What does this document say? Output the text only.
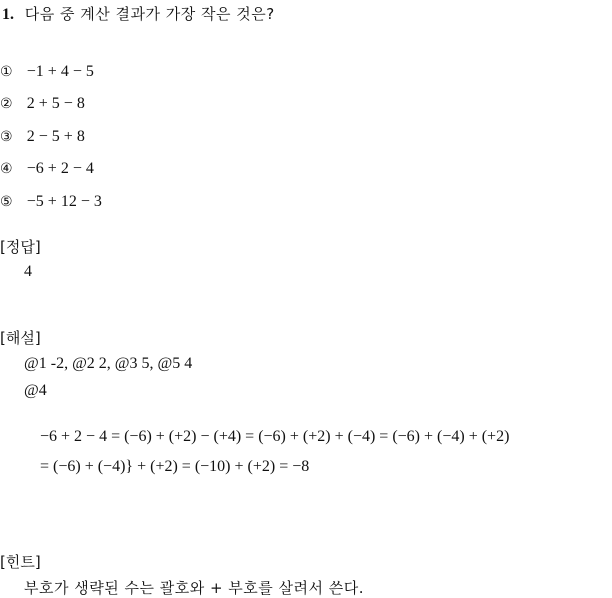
1. 다음 중 계산 결과가 가장 작은 것은?
① −1 + 4 − 5
② 2 + 5 − 8
③ 2 − 5 + 8
④ −6 + 2 − 4
⑤ −5 + 12 − 3
[정답]
4
[해설]
@1 -2, @2 2, @3 5, @5 4
@4
−6 + 2 − 4 = (−6) + (+2) − (+4) = (−6) + (+2) + (−4) = (−6) + (−4) + (+2)
= (−6) + (−4)} + (+2) = (−10) + (+2) = −8
[힌트]
부호가 생략된 수는 괄호와 + 부호를 살려서 쓴다.
